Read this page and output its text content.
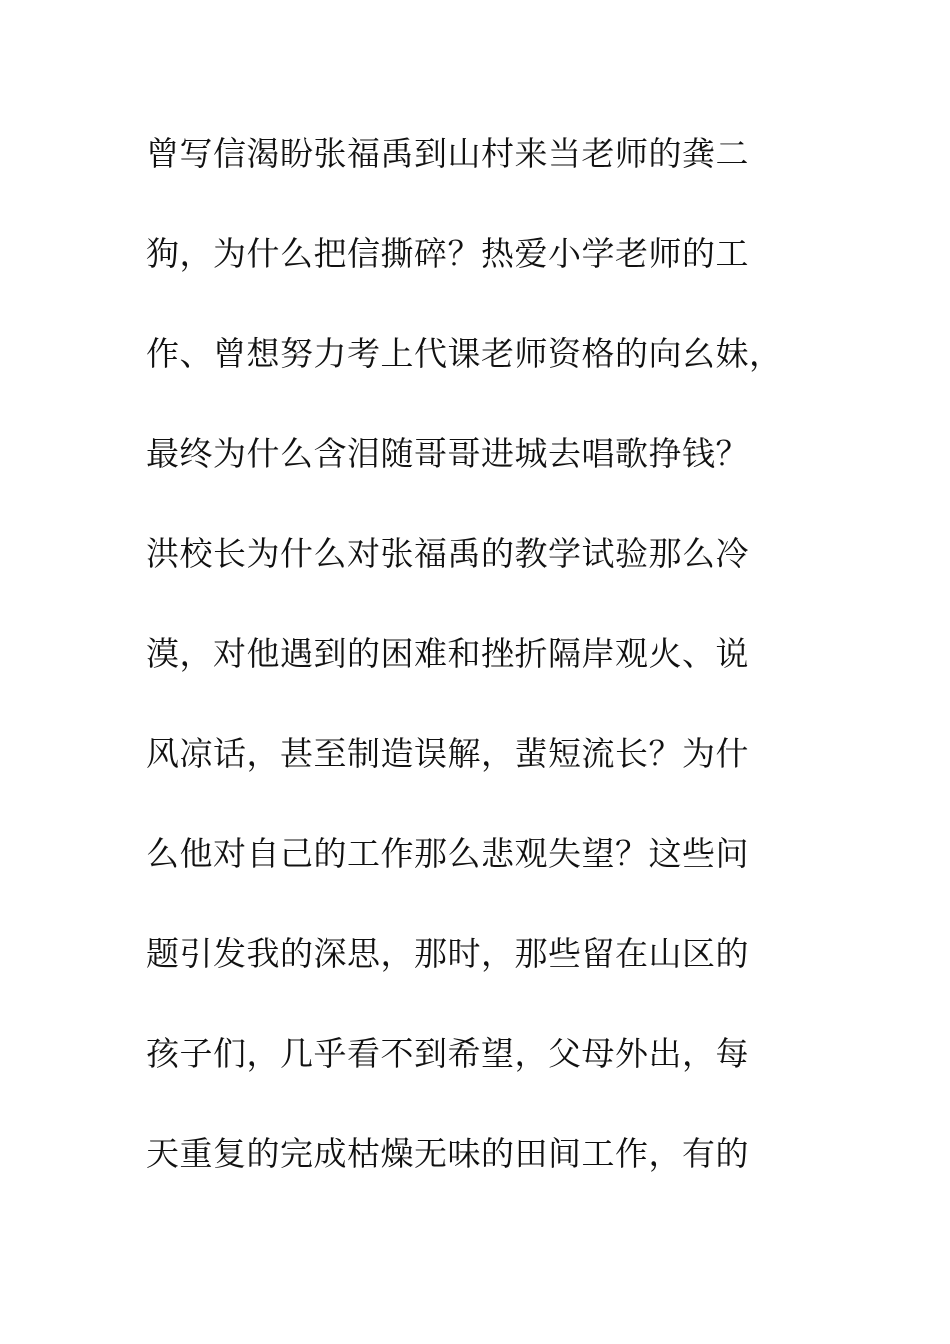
曾写信渴盼张福禹到山村来当老师的龚二
狗，为什么把信撕碎？热爱小学老师的工
作、曾想努力考上代课老师资格的向幺妹，
最终为什么含泪随哥哥进城去唱歌挣钱？
洪校长为什么对张福禹的教学试验那么冷
漠，对他遇到的困难和挫折隔岸观火、说
风凉话，甚至制造误解，蜚短流长？为什
么他对自己的工作那么悲观失望？这些问
题引发我的深思，那时，那些留在山区的
孩子们，几乎看不到希望，父母外出，每
天重复的完成枯燥无味的田间工作，有的
